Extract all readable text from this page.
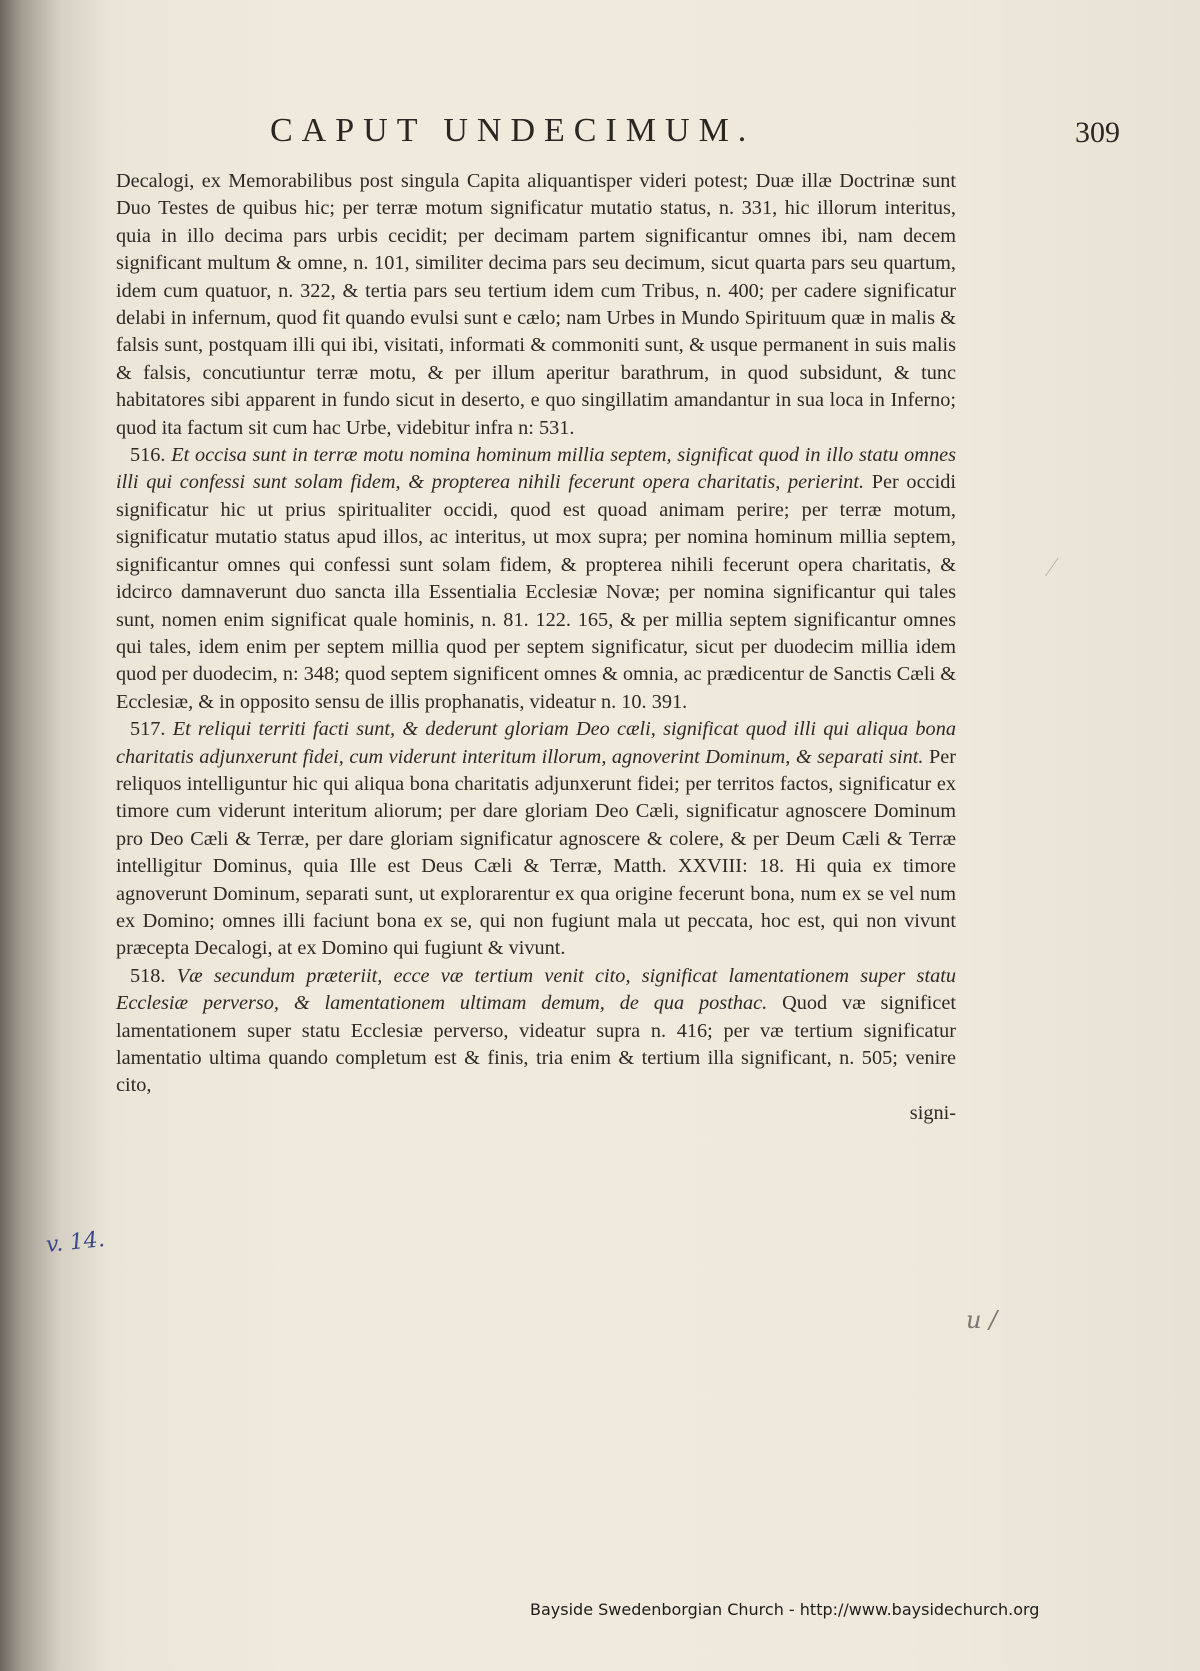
CAPUT UNDECIMUM.	309

Decalogi, ex Memorabilibus post singula Capita aliquantisper videri potest; Duæ illæ Doctrinæ sunt Duo Testes de quibus hic; per terræ motum significatur mutatio status, n. 331, hic illorum interitus, quia in illo decima pars urbis cecidit; per decimam partem significantur omnes ibi, nam decem significant multum & omne, n. 101, similiter decima pars seu decimum, sicut quarta pars seu quartum, idem cum quatuor, n. 322, & tertia pars seu tertium idem cum Tribus, n. 400; per cadere significatur delabi in infernum, quod fit quando evulsi sunt e cælo; nam Urbes in Mundo Spirituum quæ in malis & falsis sunt, postquam illi qui ibi, visitati, informati & commoniti sunt, & usque permanent in suis malis & falsis, concutiuntur terræ motu, & per illum aperitur barathrum, in quod subsidunt, & tunc habitatores sibi apparent in fundo sicut in deserto, e quo singillatim amandantur in sua loca in Inferno; quod ita factum sit cum hac Urbe, videbitur infra n: 531.

516. Et occisa sunt in terræ motu nomina hominum millia septem, significat quod in illo statu omnes illi qui confessi sunt solam fidem, & propterea nihili fecerunt opera charitatis, perierint. Per occidi significatur hic ut prius spiritualiter occidi, quod est quoad animam perire; per terræ motum, significatur mutatio status apud illos, ac interitus, ut mox supra; per nomina hominum millia septem, significantur omnes qui confessi sunt solam fidem, & propterea nihili fecerunt opera charitatis, & idcirco damnaverunt duo sancta illa Essentialia Ecclesiæ Novæ; per nomina significantur qui tales sunt, nomen enim significat quale hominis, n. 81. 122. 165, & per millia septem significantur omnes qui tales, idem enim per septem millia quod per septem significatur, sicut per duodecim millia idem quod per duodecim, n: 348; quod septem significent omnes & omnia, ac prædicentur de Sanctis Cæli & Ecclesiæ, & in opposito sensu de illis prophanatis, videatur n. 10. 391.

517. Et reliqui territi facti sunt, & dederunt gloriam Deo cæli, significat quod illi qui aliqua bona charitatis adjunxerunt fidei, cum viderunt interitum illorum, agnoverint Dominum, & separati sint. Per reliquos intelliguntur hic qui aliqua bona charitatis adjunxerunt fidei; per territos factos, significatur ex timore cum viderunt interitum aliorum; per dare gloriam Deo Cæli, significatur agnoscere Dominum pro Deo Cæli & Terræ, per dare gloriam significatur agnoscere & colere, & per Deum Cæli & Terræ intelligitur Dominus, quia Ille est Deus Cæli & Terræ, Matth. XXVIII: 18. Hi quia ex timore agnoverunt Dominum, separati sunt, ut explorarentur ex qua origine fecerunt bona, num ex se vel num ex Domino; omnes illi faciunt bona ex se, qui non fugiunt mala ut peccata, hoc est, qui non vivunt præcepta Decalogi, at ex Domino qui fugiunt & vivunt.

518. Væ secundum præteriit, ecce væ tertium venit cito, significat lamentationem super statu Ecclesiæ perverso, & lamentationem ultimam demum, de qua posthac. Quod væ significet lamentationem super statu Ecclesiæ perverso, videatur supra n. 416; per væ tertium significatur lamentatio ultima quando completum est & finis, tria enim & tertium illa significant, n. 505; venire cito,

signi-
v. 14.
u /
Bayside Swedenborgian Church - http://www.baysidechurch.org
